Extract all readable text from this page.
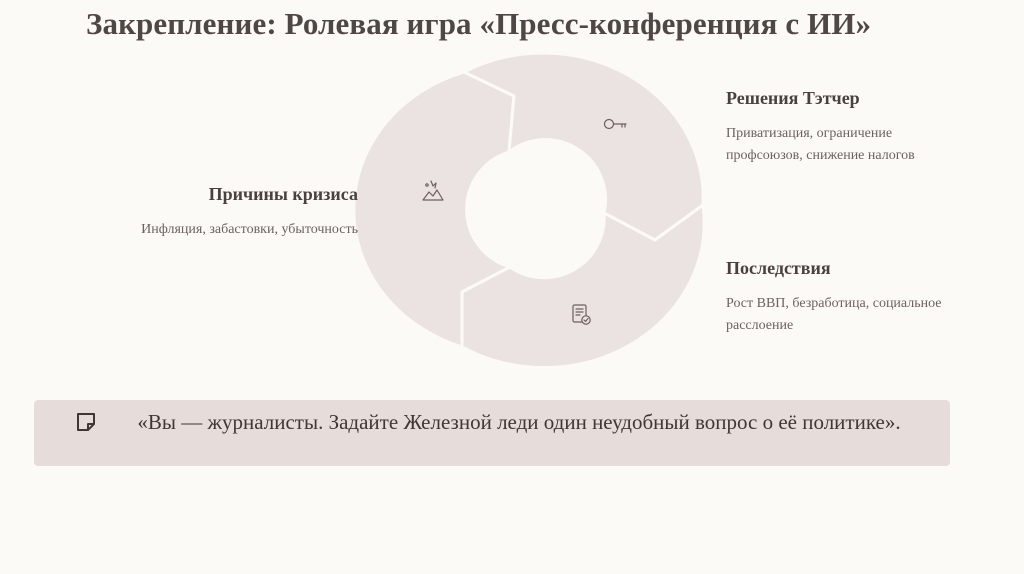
Закрепление: Ролевая игра «Пресс-конференция с ИИ»
Причины кризиса
Инфляция, забастовки, убыточность
Решения Тэтчер
Приватизация, ограничение профсоюзов, снижение налогов
Последствия
Рост ВВП, безработица, социальное расслоение
«Вы — журналисты. Задайте Железной леди один неудобный вопрос о её политике».
